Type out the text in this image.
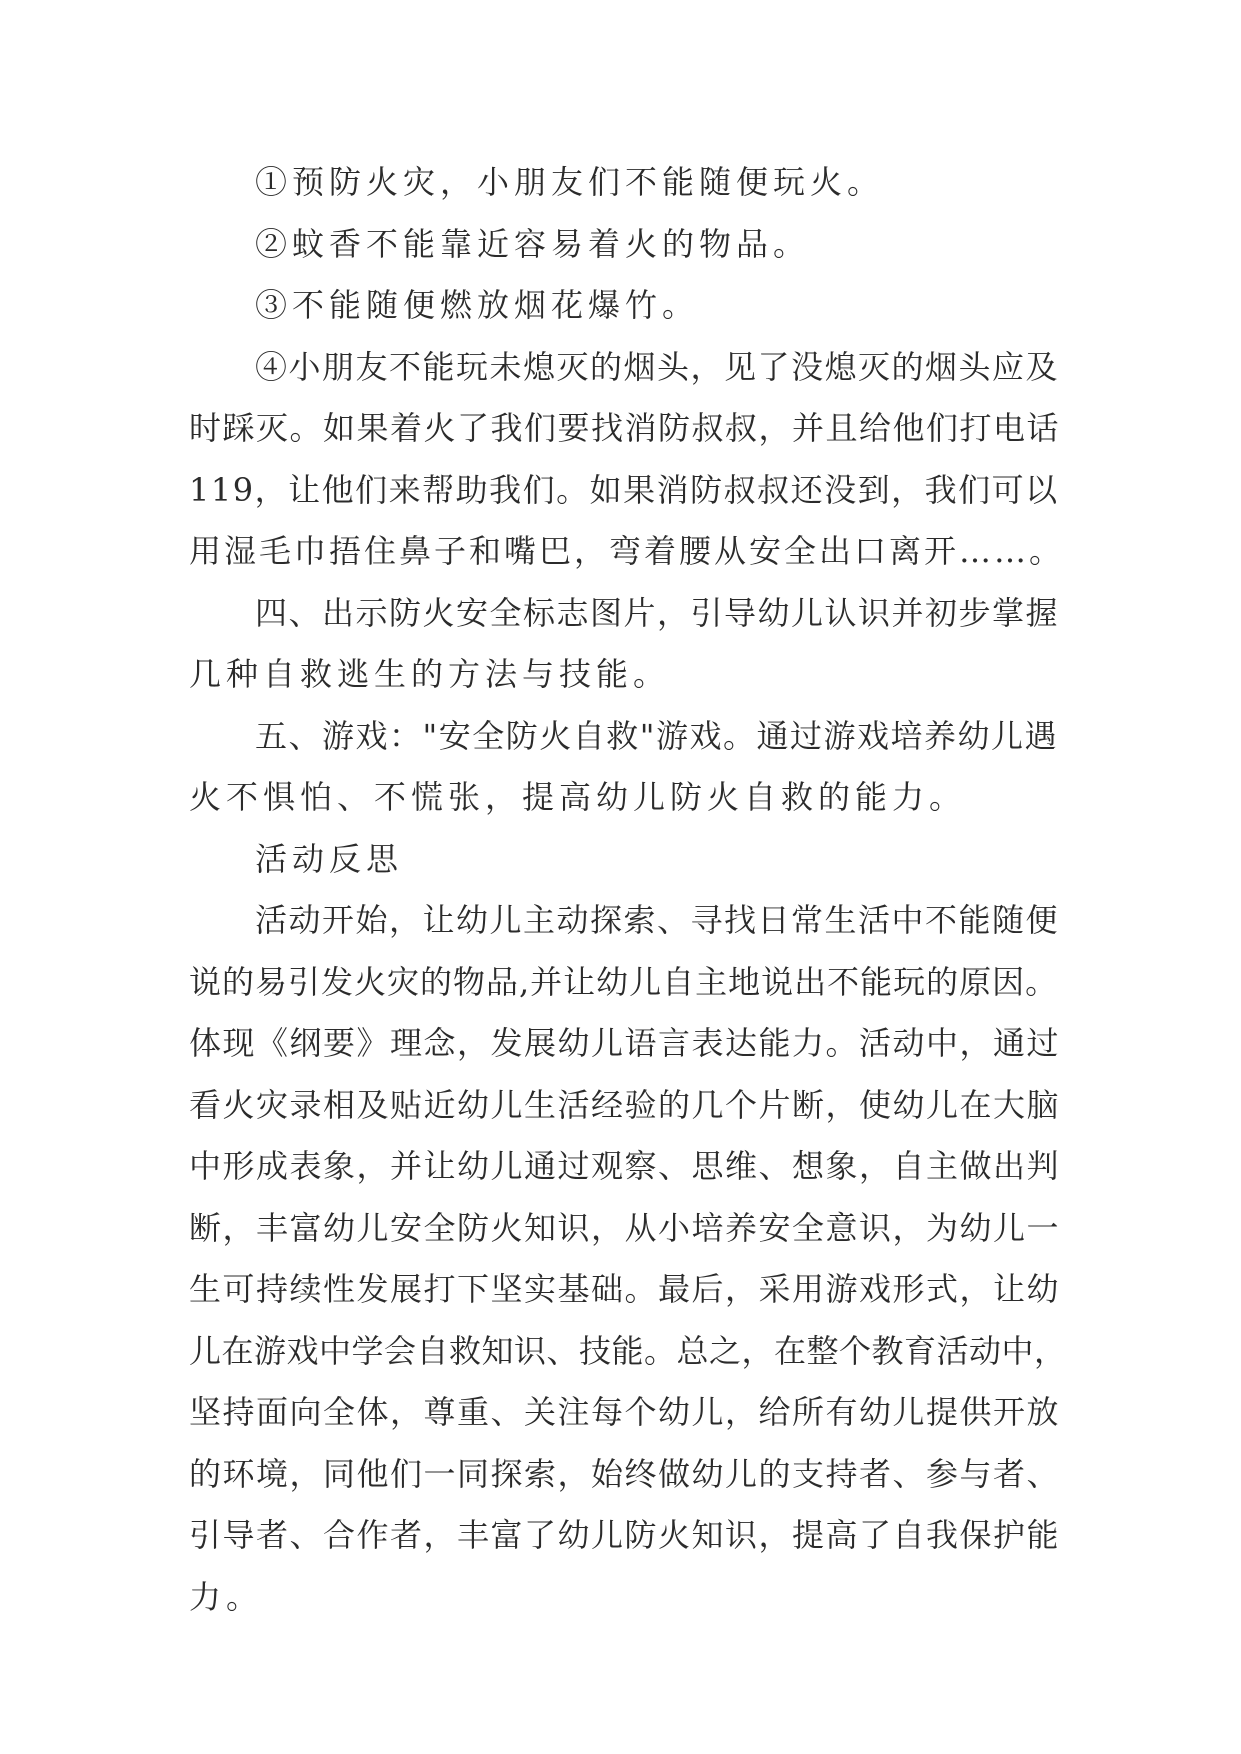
①预防火灾，小朋友们不能随便玩火。
②蚊香不能靠近容易着火的物品。
③不能随便燃放烟花爆竹。
④小朋友不能玩未熄灭的烟头，见了没熄灭的烟头应及
时踩灭。如果着火了我们要找消防叔叔，并且给他们打电话
119，让他们来帮助我们。如果消防叔叔还没到，我们可以
用湿毛巾捂住鼻子和嘴巴，弯着腰从安全出口离开……。
四、出示防火安全标志图片，引导幼儿认识并初步掌握
几种自救逃生的方法与技能。
五、游戏："安全防火自救"游戏。通过游戏培养幼儿遇
火不惧怕、不慌张，提高幼儿防火自救的能力。
活动反思
活动开始，让幼儿主动探索、寻找日常生活中不能随便
说的易引发火灾的物品,并让幼儿自主地说出不能玩的原因。
体现《纲要》理念，发展幼儿语言表达能力。活动中，通过
看火灾录相及贴近幼儿生活经验的几个片断，使幼儿在大脑
中形成表象，并让幼儿通过观察、思维、想象，自主做出判
断，丰富幼儿安全防火知识，从小培养安全意识，为幼儿一
生可持续性发展打下坚实基础。最后，采用游戏形式，让幼
儿在游戏中学会自救知识、技能。总之，在整个教育活动中，
坚持面向全体，尊重、关注每个幼儿，给所有幼儿提供开放
的环境，同他们一同探索，始终做幼儿的支持者、参与者、
引导者、合作者，丰富了幼儿防火知识，提高了自我保护能
力。
